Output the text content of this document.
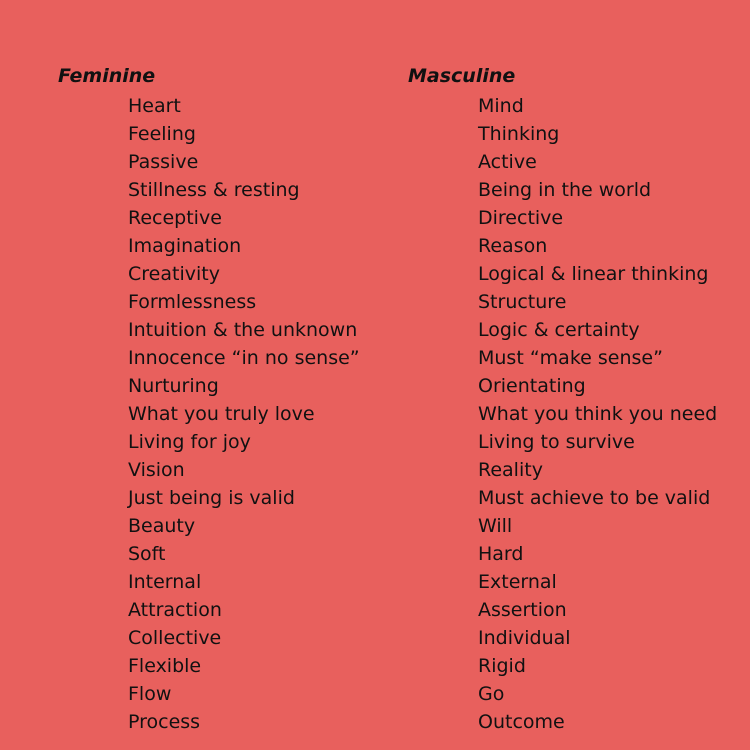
Feminine
Heart
Feeling
Passive
Stillness & resting
Receptive
Imagination
Creativity
Formlessness
Intuition & the unknown
Innocence “in no sense”
Nurturing
What you truly love
Living for joy
Vision
Just being is valid
Beauty
Soft
Internal
Attraction
Collective
Flexible
Flow
Process
Masculine
Mind
Thinking
Active
Being in the world
Directive
Reason
Logical & linear thinking
Structure
Logic & certainty
Must “make sense”
Orientating
What you think you need
Living to survive
Reality
Must achieve to be valid
Will
Hard
External
Assertion
Individual
Rigid
Go
Outcome
